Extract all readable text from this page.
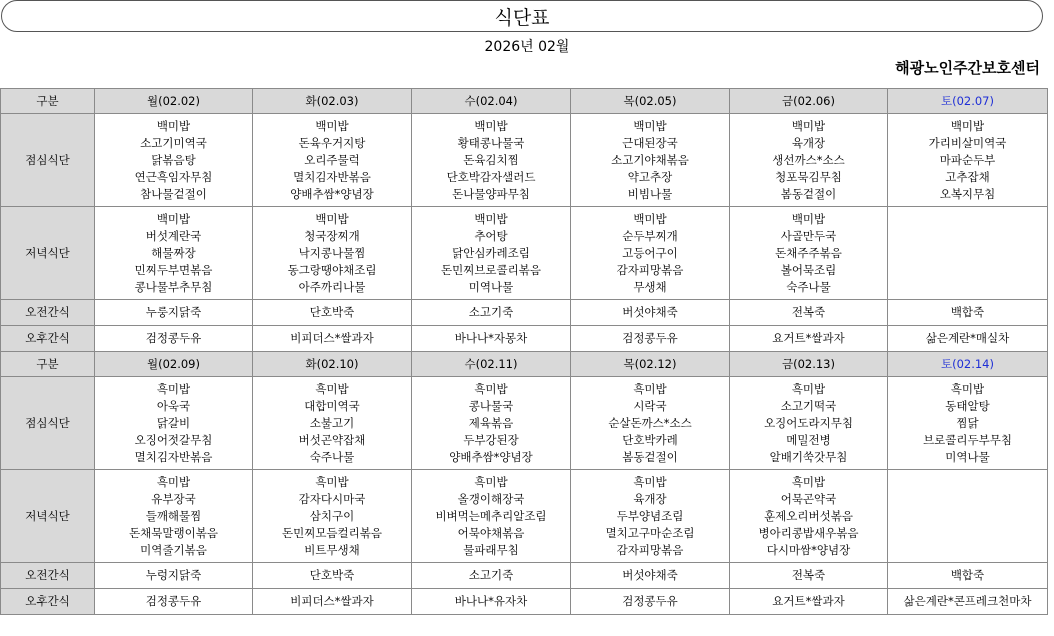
식단표
2026년 02월
해광노인주간보호센터
구분	월(02.02)	화(02.03)	수(02.04)	목(02.05)	금(02.06)	토(02.07)
점심식단	백미밥
소고기미역국
닭볶음탕
연근흑임자무침
참나물겉절이	백미밥
돈육우거지탕
오리주물럭
멸치김자반볶음
양배추쌈*양념장	백미밥
황태콩나물국
돈육김치찜
단호박감자샐러드
돈나물양파무침	백미밥
근대된장국
소고기야채볶음
약고추장
비빔나물	백미밥
육개장
생선까스*소스
청포묵김무침
봄동겉절이	백미밥
가리비살미역국
마파순두부
고추잡채
오복지무침

저녁식단	백미밥
버섯계란국
해물짜장
민찌두부면볶음
콩나물부추무침	백미밥
청국장찌개
낙지콩나물찜
동그랑땡야채조림
아주까리나물	백미밥
추어탕
닭안심카레조림
돈민찌브로콜리볶음
미역나물	백미밥
순두부찌개
고등어구이
감자피망볶음
무생채	백미밥
사골만두국
돈채주주볶음
볼어묵조림
숙주나물	

오전간식	누룽지닭죽	단호박죽	소고기죽	버섯야채죽	전복죽	백합죽
오후간식	검정콩두유	비피더스*쌀과자	바나나*자몽차	검정콩두유	요거트*쌀과자	삶은계란*매실차
구분	월(02.09)	화(02.10)	수(02.11)	목(02.12)	금(02.13)	토(02.14)
점심식단	흑미밥
아욱국
닭갈비
오징어젓갈무침
멸치김자반볶음	흑미밥
대합미역국
소불고기
버섯곤약잡채
숙주나물	흑미밥
콩나물국
제육볶음
두부강된장
양배추쌈*양념장	흑미밥
시락국
순살돈까스*소스
단호박카레
봄동겉절이	흑미밥
소고기떡국
오징어도라지무침
메밀전병
알배기쑥갓무침	흑미밥
동태알탕
찜닭
브로콜리두부무침
미역나물

저녁식단	흑미밥
유부장국
들깨해물찜
돈채묵말랭이볶음
미역줄기볶음	흑미밥
감자다시마국
삼치구이
돈민찌모듬컬리볶음
비트무생채	흑미밥
올갱이해장국
비벼먹는메추리알조림
어묵야채볶음
물파래무침	흑미밥
육개장
두부양념조림
멸치고구마순조림
감자피망볶음	흑미밥
어묵곤약국
훈제오리버섯볶음
병아리콩밥새우볶음
다시마쌈*양념장	

오전간식	누렁지닭죽	단호박죽	소고기죽	버섯야채죽	전복죽	백합죽
오후간식	검정콩두유	비피더스*쌀과자	바나나*유자차	검정콩두유	요거트*쌀과자	삶은계란*콘프레크천마차
